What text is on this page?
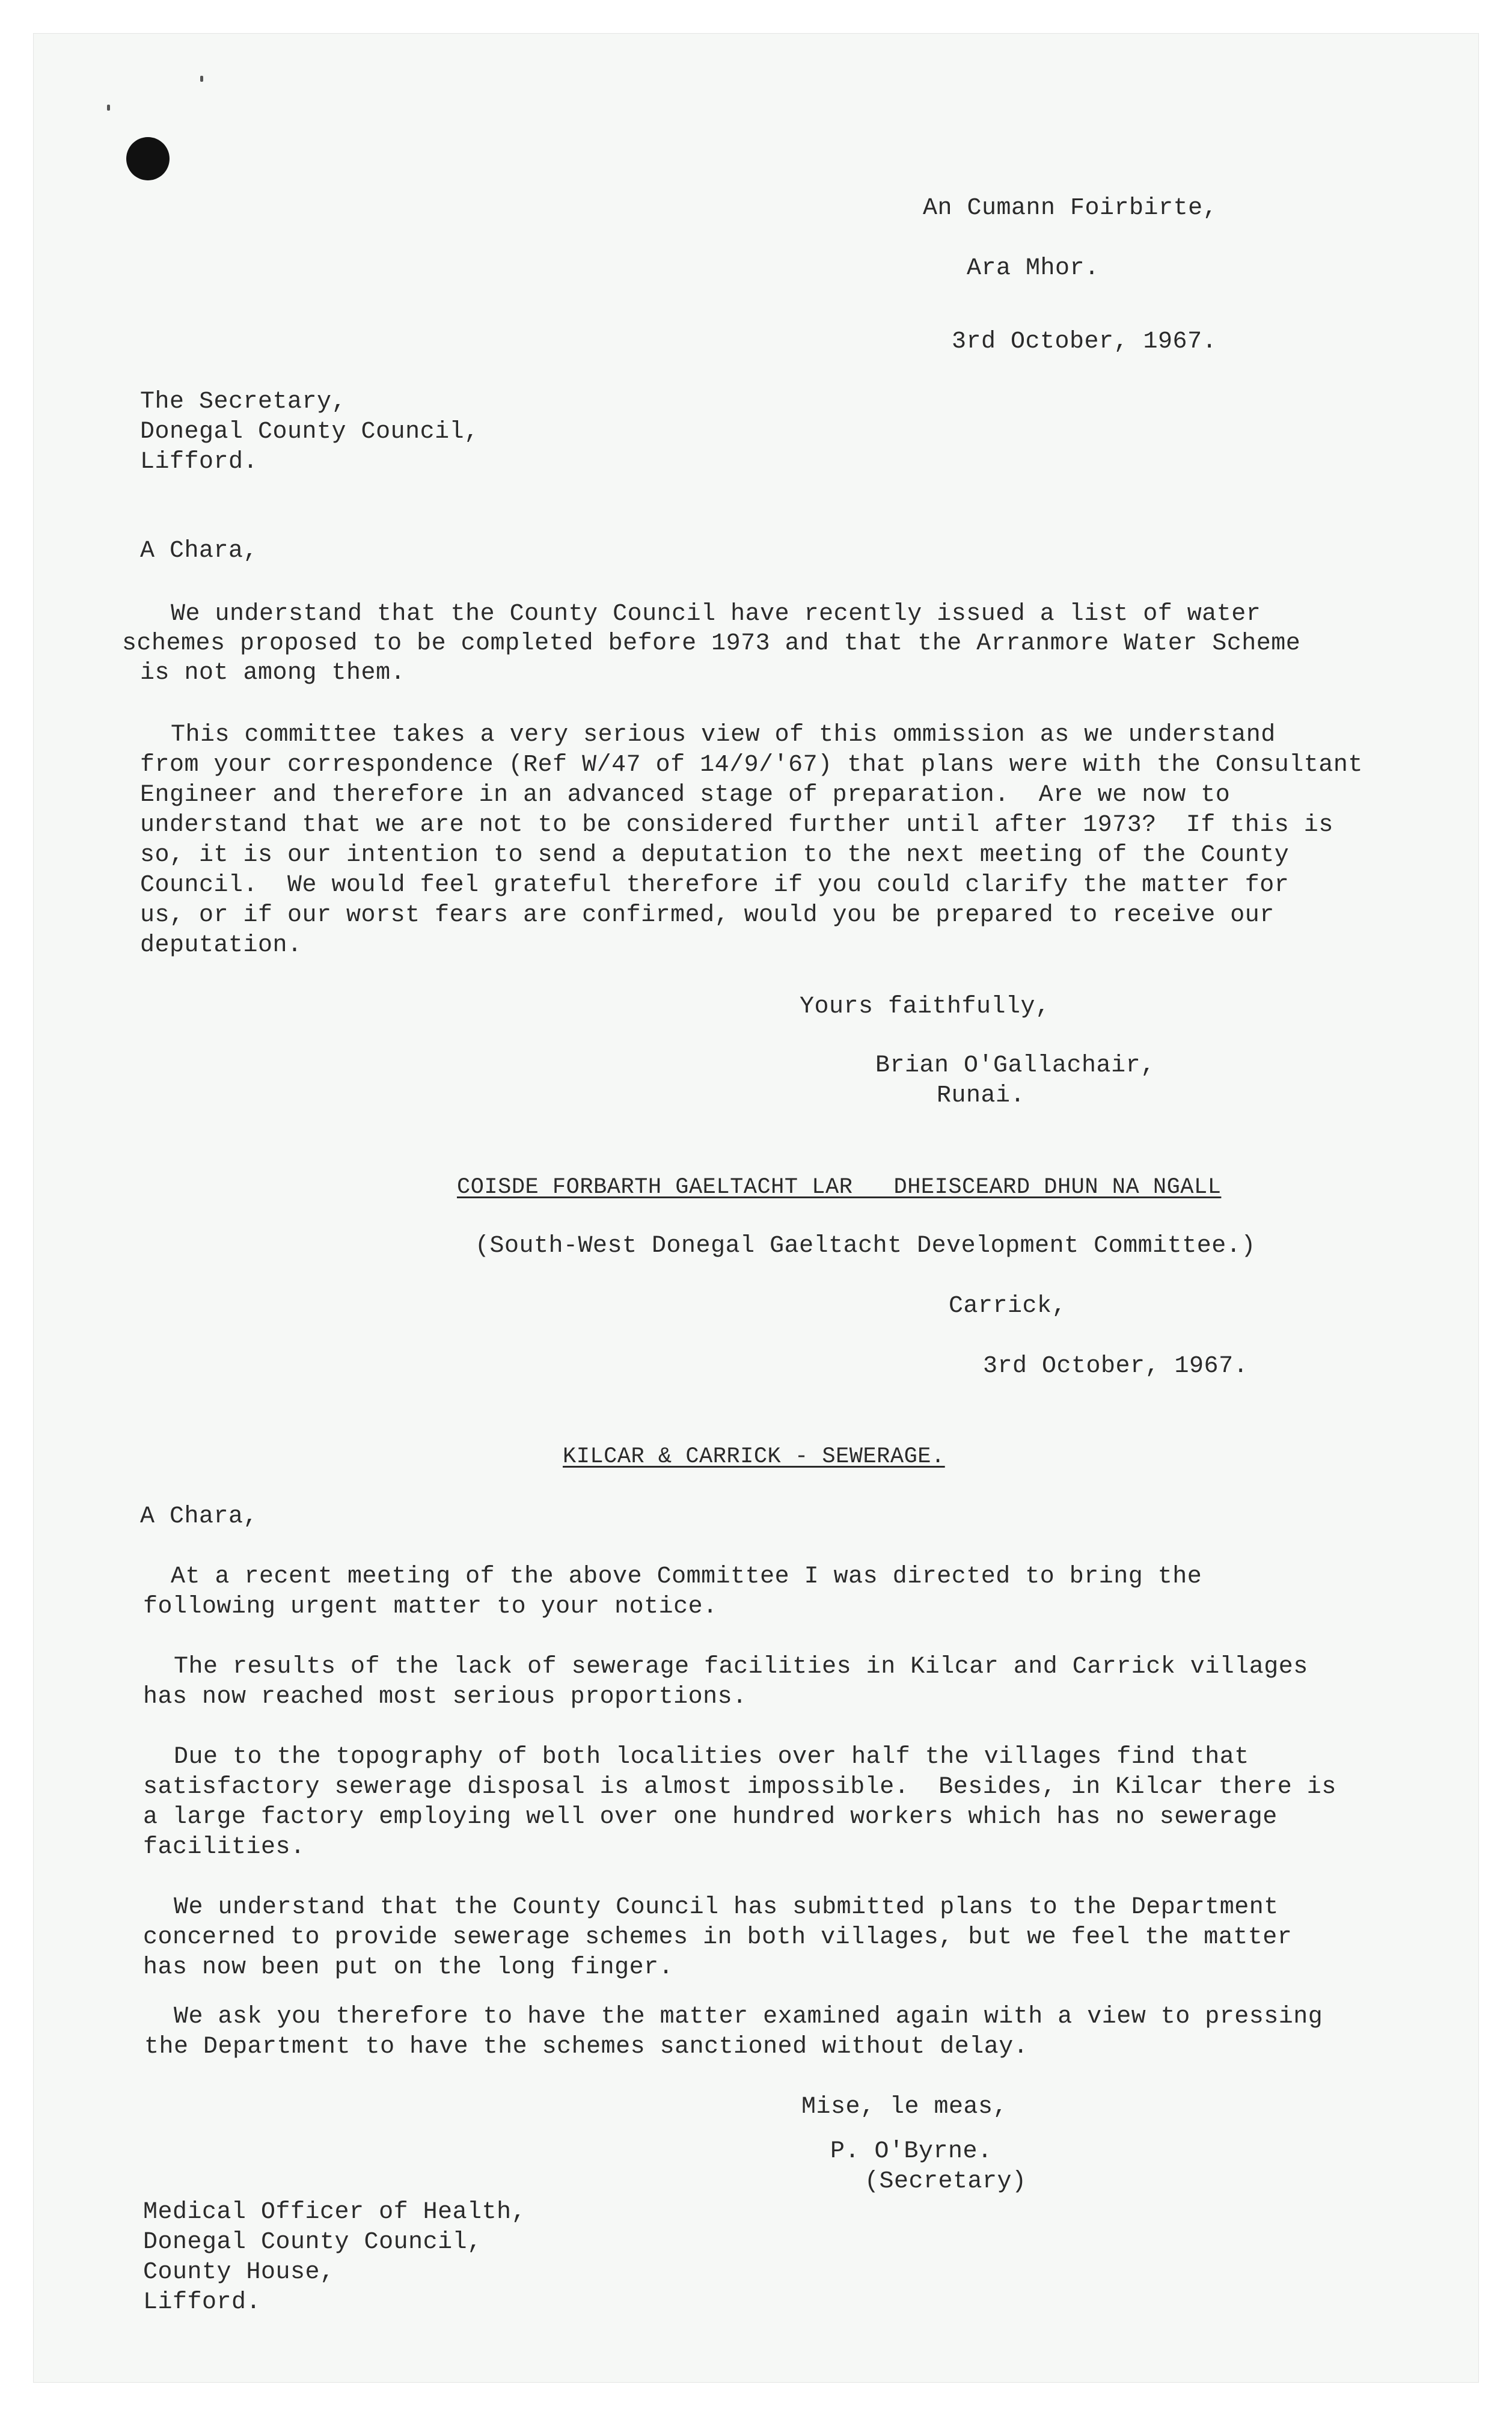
An Cumann Foirbirte,

Ara Mhor.

3rd October, 1967.

The Secretary,

Donegal County Council,

Lifford.

A Chara,

We understand that the County Council have recently issued a list of water

schemes proposed to be completed before 1973 and that the Arranmore Water Scheme

is not among them.

This committee takes a very serious view of this ommission as we understand

from your correspondence (Ref W/47 of 14/9/'67) that plans were with the Consultant

Engineer and therefore in an advanced stage of preparation.  Are we now to

understand that we are not to be considered further until after 1973?  If this is

so, it is our intention to send a deputation to the next meeting of the County

Council.  We would feel grateful therefore if you could clarify the matter for

us, or if our worst fears are confirmed, would you be prepared to receive our

deputation.

Yours faithfully,

Brian O'Gallachair,

Runai.

COISDE FORBARTH GAELTACHT LAR   DHEISCEARD DHUN NA NGALL

(South-West Donegal Gaeltacht Development Committee.)

Carrick,

3rd October, 1967.

KILCAR & CARRICK - SEWERAGE.

A Chara,

At a recent meeting of the above Committee I was directed to bring the

following urgent matter to your notice.

The results of the lack of sewerage facilities in Kilcar and Carrick villages

has now reached most serious proportions.

Due to the topography of both localities over half the villages find that

satisfactory sewerage disposal is almost impossible.  Besides, in Kilcar there is

a large factory employing well over one hundred workers which has no sewerage

facilities.

We understand that the County Council has submitted plans to the Department

concerned to provide sewerage schemes in both villages, but we feel the matter

has now been put on the long finger.

We ask you therefore to have the matter examined again with a view to pressing

the Department to have the schemes sanctioned without delay.

Mise, le meas,

P. O'Byrne.

(Secretary)

Medical Officer of Health,

Donegal County Council,

County House,

Lifford.
